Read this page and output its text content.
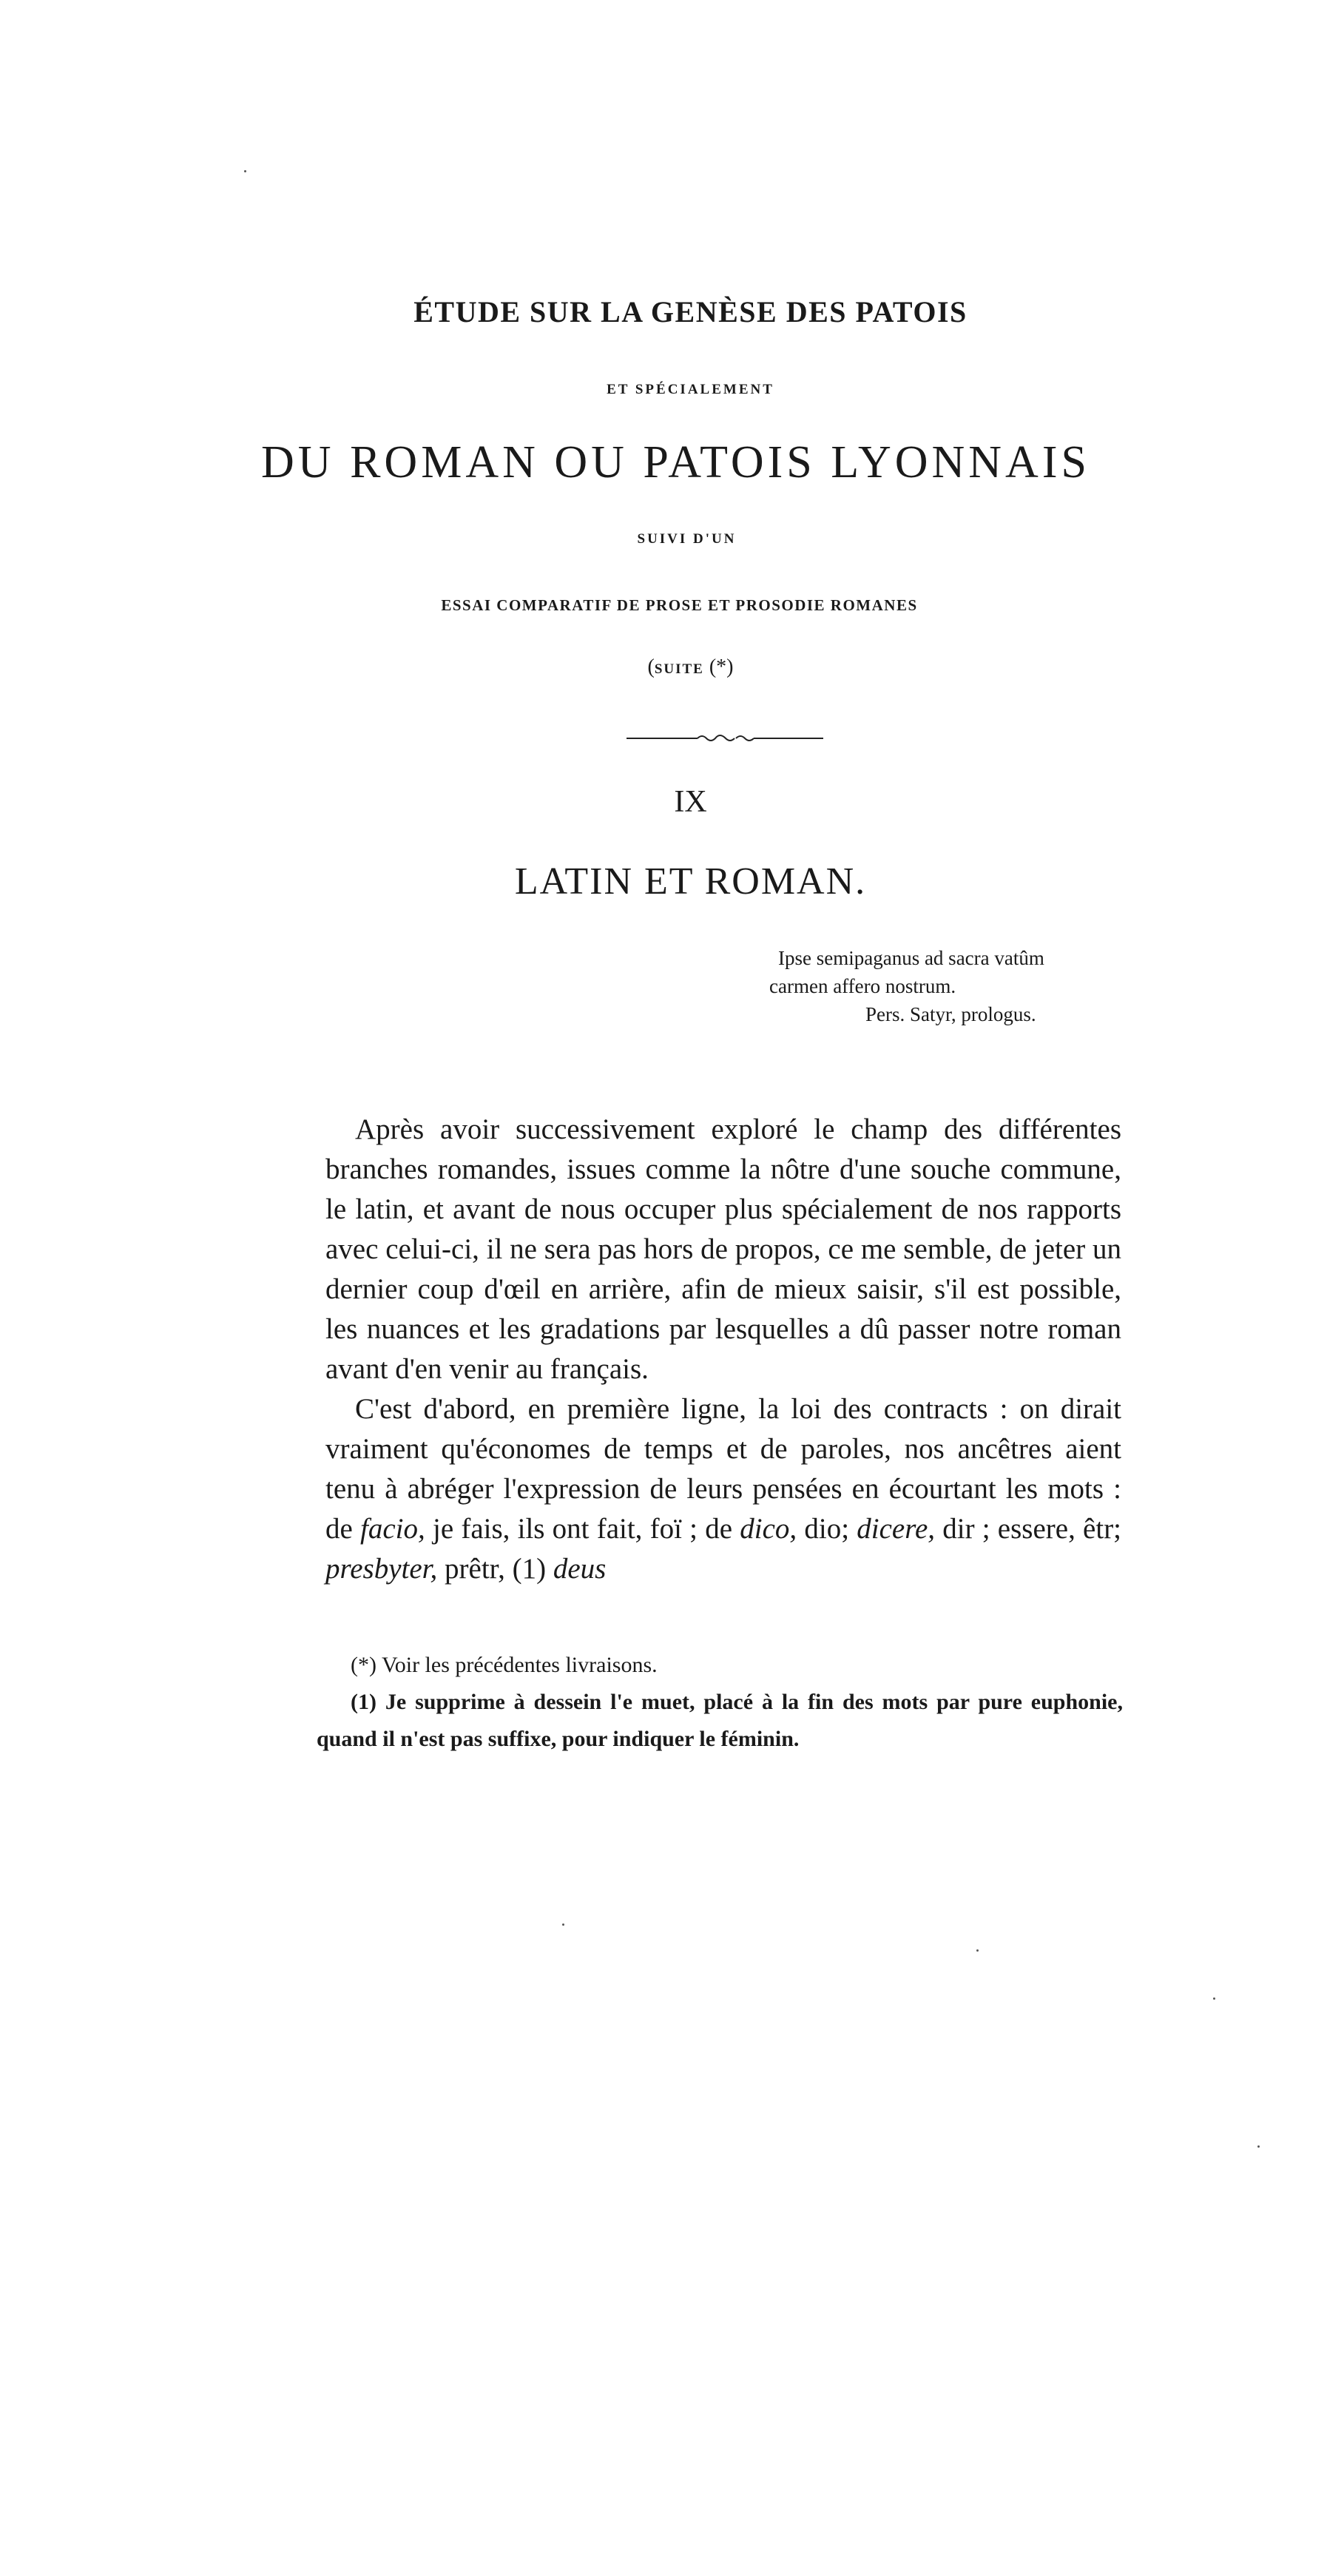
ÉTUDE SUR LA GENÈSE DES PATOIS
ET SPÉCIALEMENT
DU ROMAN OU PATOIS LYONNAIS
SUIVI D'UN
ESSAI COMPARATIF DE PROSE ET PROSODIE ROMANES
(SUITE (*)
IX
LATIN ET ROMAN.
Ipse semipaganus ad sacra vatûm
carmen affero nostrum.
Pers. Satyr, prologus.

Après avoir successivement exploré le champ des différentes branches romandes, issues comme la nôtre d'une souche commune, le latin, et avant de nous occuper plus spécialement de nos rapports avec celui-ci, il ne sera pas hors de propos, ce me semble, de jeter un dernier coup d'œil en arrière, afin de mieux saisir, s'il est possible, les nuances et les gradations par lesquelles a dû passer notre roman avant d'en venir au français.

C'est d'abord, en première ligne, la loi des contracts : on dirait vraiment qu'économes de temps et de paroles, nos ancêtres aient tenu à abréger l'expression de leurs pensées en écourtant les mots : de facio, je fais, ils ont fait, foï ; de dico, dio; dicere, dir ; essere, êtr; presbyter, prêtr, (1) deus

(*) Voir les précédentes livraisons.

(1) Je supprime à dessein l'e muet, placé à la fin des mots par pure euphonie, quand il n'est pas suffixe, pour indiquer le féminin.
